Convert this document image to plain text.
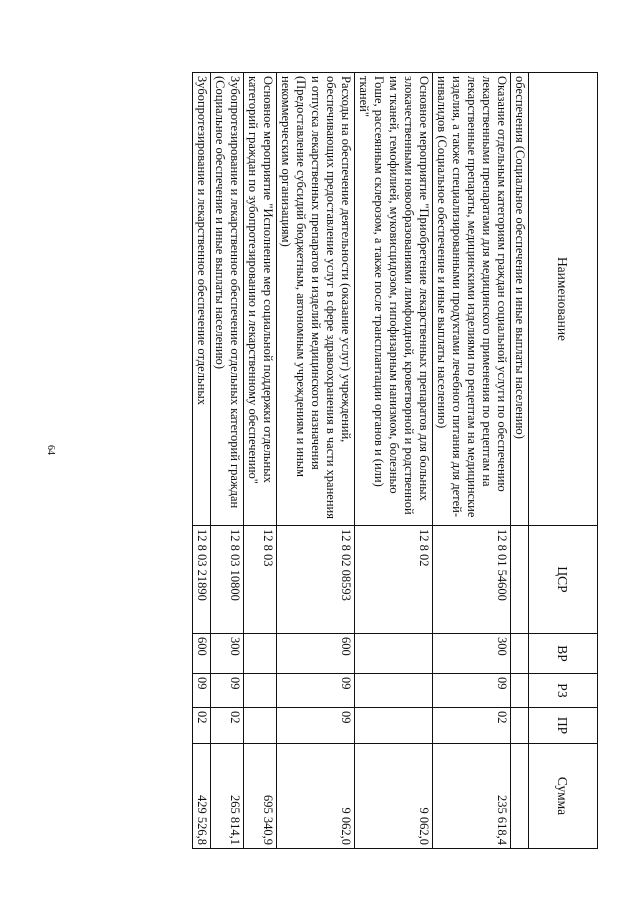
64
Наименование	ЦСР	ВР	РЗ	ПР	Сумма
обеспечения (Социальное обеспечение и иные выплаты населению)					
Оказание отдельным категориям граждан социальной услуги по обеспечению лекарственными препаратами для медицинского применения по рецептам на лекарственные препараты, медицинскими изделиями по рецептам на медицинские изделия, а также специализированными продуктами лечебного питания для детей-инвалидов (Социальное обеспечение и иные выплаты населению)	12 8 01 54600	300	09	02	235 618,4
Основное мероприятие "Приобретение лекарственных препаратов для больных злокачественными новообразованиями лимфоидной, кроветворной и родственной им тканей, гемофилией, муковисцидозом, гипофизарным нанизмом, болезнью Гоше, рассеянным склерозом, а также после трансплантации органов и (или) тканей"	12 8 02				9 062,0
Расходы на обеспечение деятельности (оказание услуг) учреждений, обеспечивающих предоставление услуг в сфере здравоохранения в части хранения и отпуска лекарственных препаратов и изделий медицинского назначения (Предоставление субсидий бюджетным, автономным учреждениям и иным некоммерческим организациям)	12 8 02 08593	600	09	09	9 062,0
Основное мероприятие "Исполнение мер социальной поддержки отдельных категорий граждан по зубопротезированию и лекарственному обеспечению"	12 8 03				695 340,9
Зубопротезирование и лекарственное обеспечение отдельных категорий граждан (Социальное обеспечение и иные выплаты населению)	12 8 03 10800	300	09	02	265 814,1
Зубопротезирование и лекарственное обеспечение отдельных	12 8 03 21890	600	09	02	429 526,8
